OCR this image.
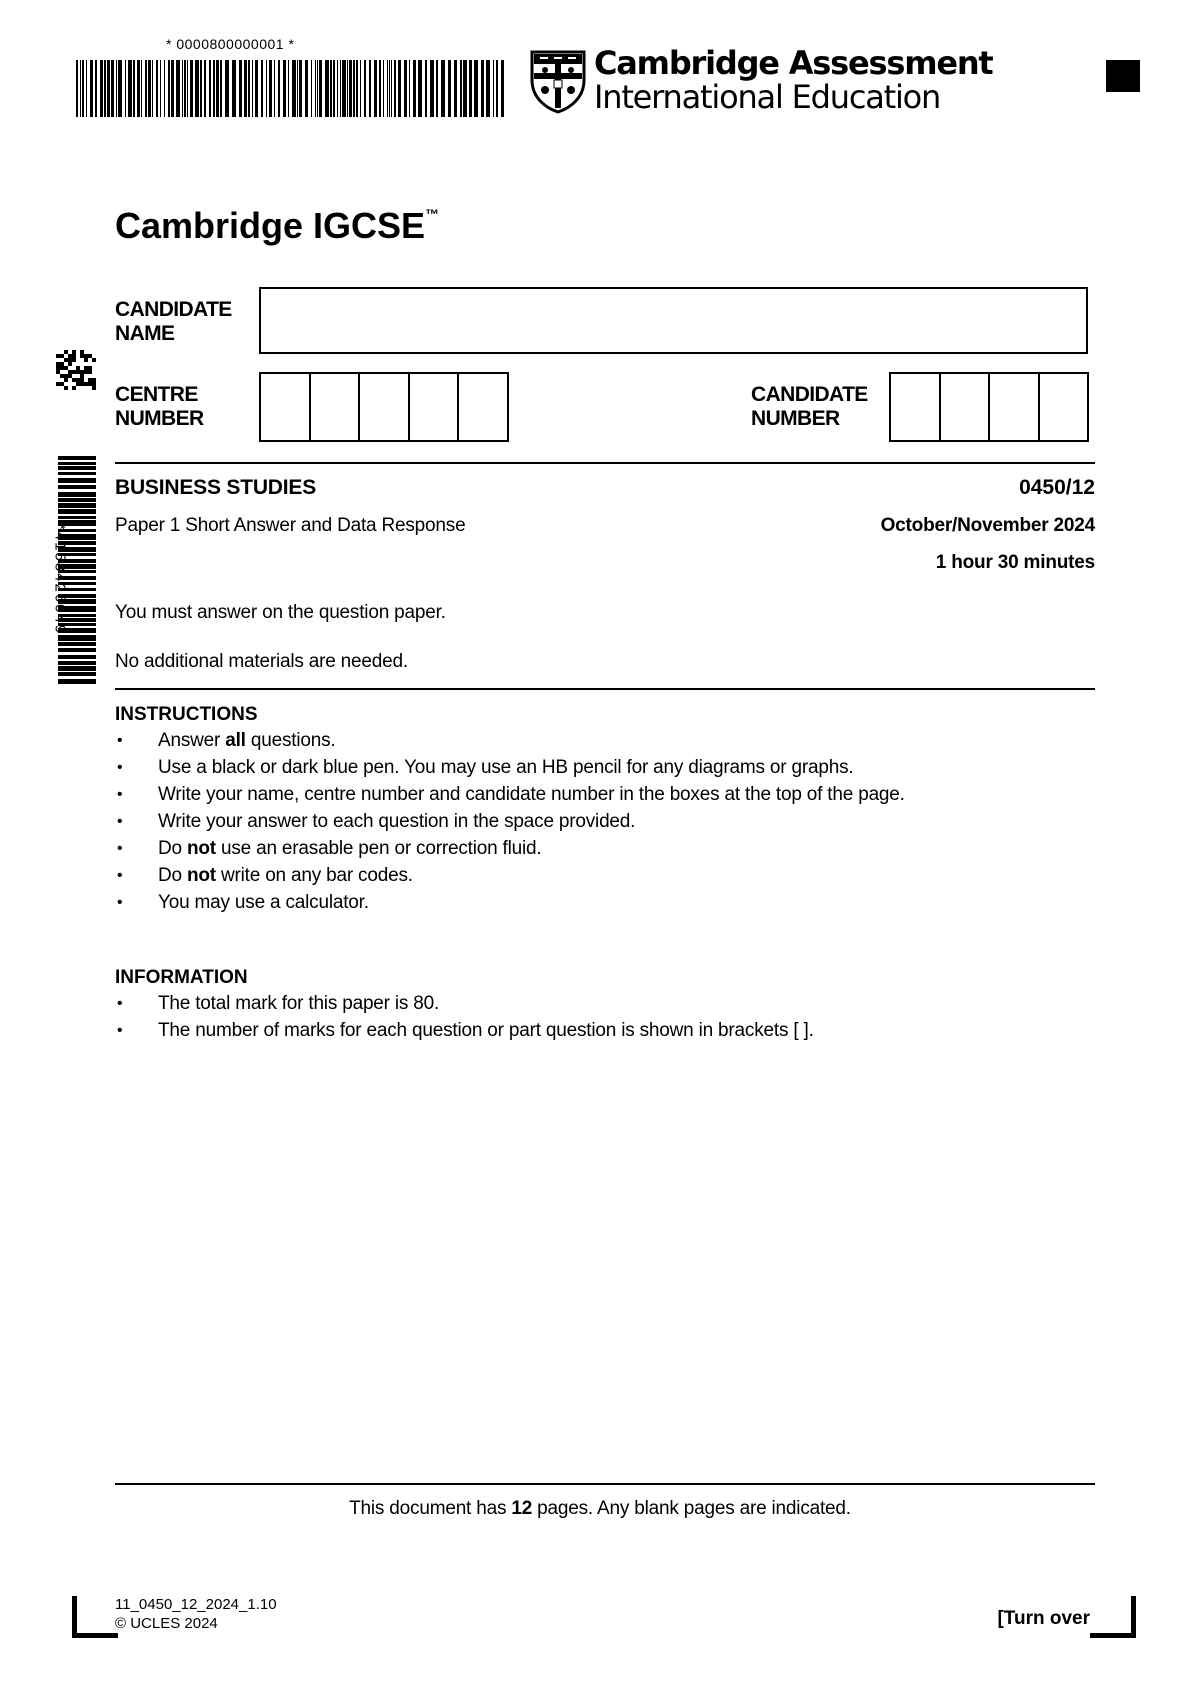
* 0000800000001 *	Cambridge Assessment
International Education
Cambridge IGCSE™
CANDIDATE
NAME
CENTRE
NUMBER
CANDIDATE
NUMBER
*4158426049*
BUSINESS STUDIES	0450/12
Paper 1 Short Answer and Data Response	October/November 2024
1 hour 30 minutes
You must answer on the question paper.
No additional materials are needed.
INSTRUCTIONS
• Answer all questions.
• Use a black or dark blue pen. You may use an HB pencil for any diagrams or graphs.
• Write your name, centre number and candidate number in the boxes at the top of the page.
• Write your answer to each question in the space provided.
• Do not use an erasable pen or correction fluid.
• Do not write on any bar codes.
• You may use a calculator.
INFORMATION
• The total mark for this paper is 80.
• The number of marks for each question or part question is shown in brackets [ ].
This document has 12 pages. Any blank pages are indicated.
11_0450_12_2024_1.10
© UCLES 2024	[Turn over
